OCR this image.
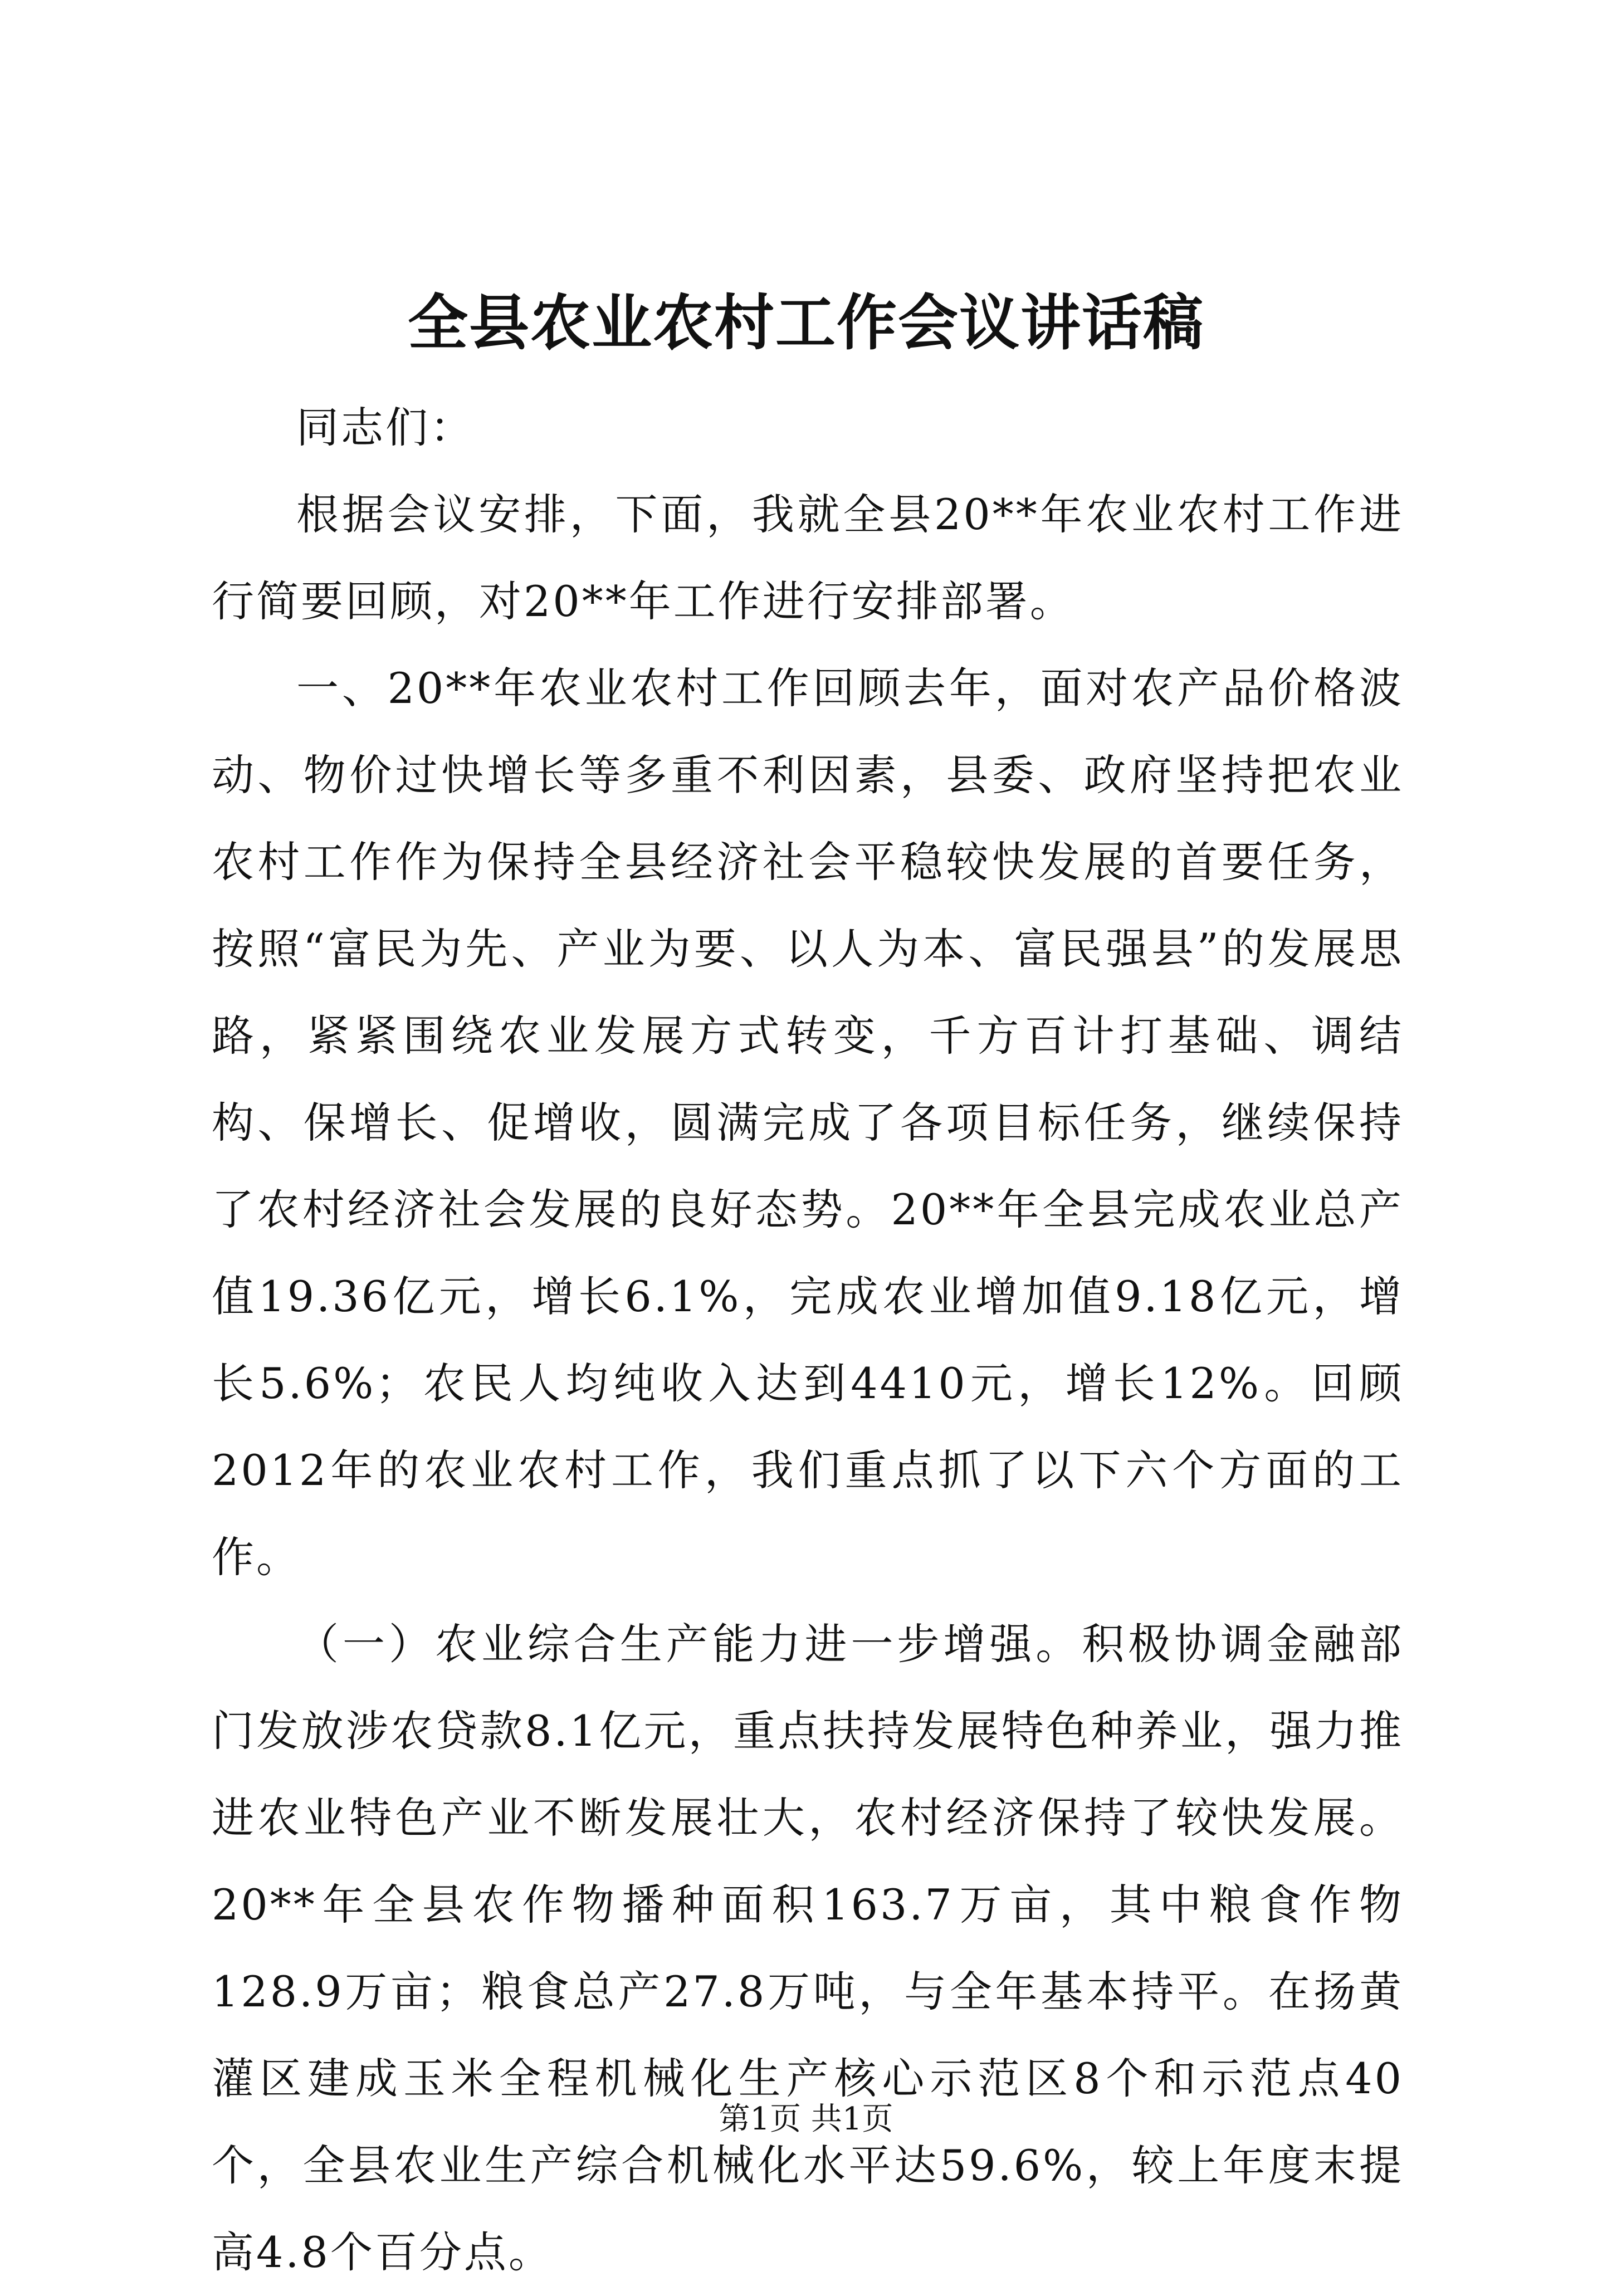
全县农业农村工作会议讲话稿

同志们：

根据会议安排，下面，我就全县20**年农业农村工作进行简要回顾，对20**年工作进行安排部署。

一、20**年农业农村工作回顾去年，面对农产品价格波动、物价过快增长等多重不利因素，县委、政府坚持把农业农村工作作为保持全县经济社会平稳较快发展的首要任务，按照“富民为先、产业为要、以人为本、富民强县”的发展思路，紧紧围绕农业发展方式转变，千方百计打基础、调结构、保增长、促增收，圆满完成了各项目标任务，继续保持了农村经济社会发展的良好态势。20**年全县完成农业总产值19.36亿元，增长6.1%，完成农业增加值9.18亿元，增长5.6%；农民人均纯收入达到4410元，增长12%。回顾2012年的农业农村工作，我们重点抓了以下六个方面的工作。

（一）农业综合生产能力进一步增强。积极协调金融部门发放涉农贷款8.1亿元，重点扶持发展特色种养业，强力推进农业特色产业不断发展壮大，农村经济保持了较快发展。20**年全县农作物播种面积163.7万亩，其中粮食作物128.9万亩；粮食总产27.8万吨，与全年基本持平。在扬黄灌区建成玉米全程机械化生产核心示范区8个和示范点40个，全县农业生产综合机械化水平达59.6%，较上年度末提高4.8个百分点。

第1页 共1页
